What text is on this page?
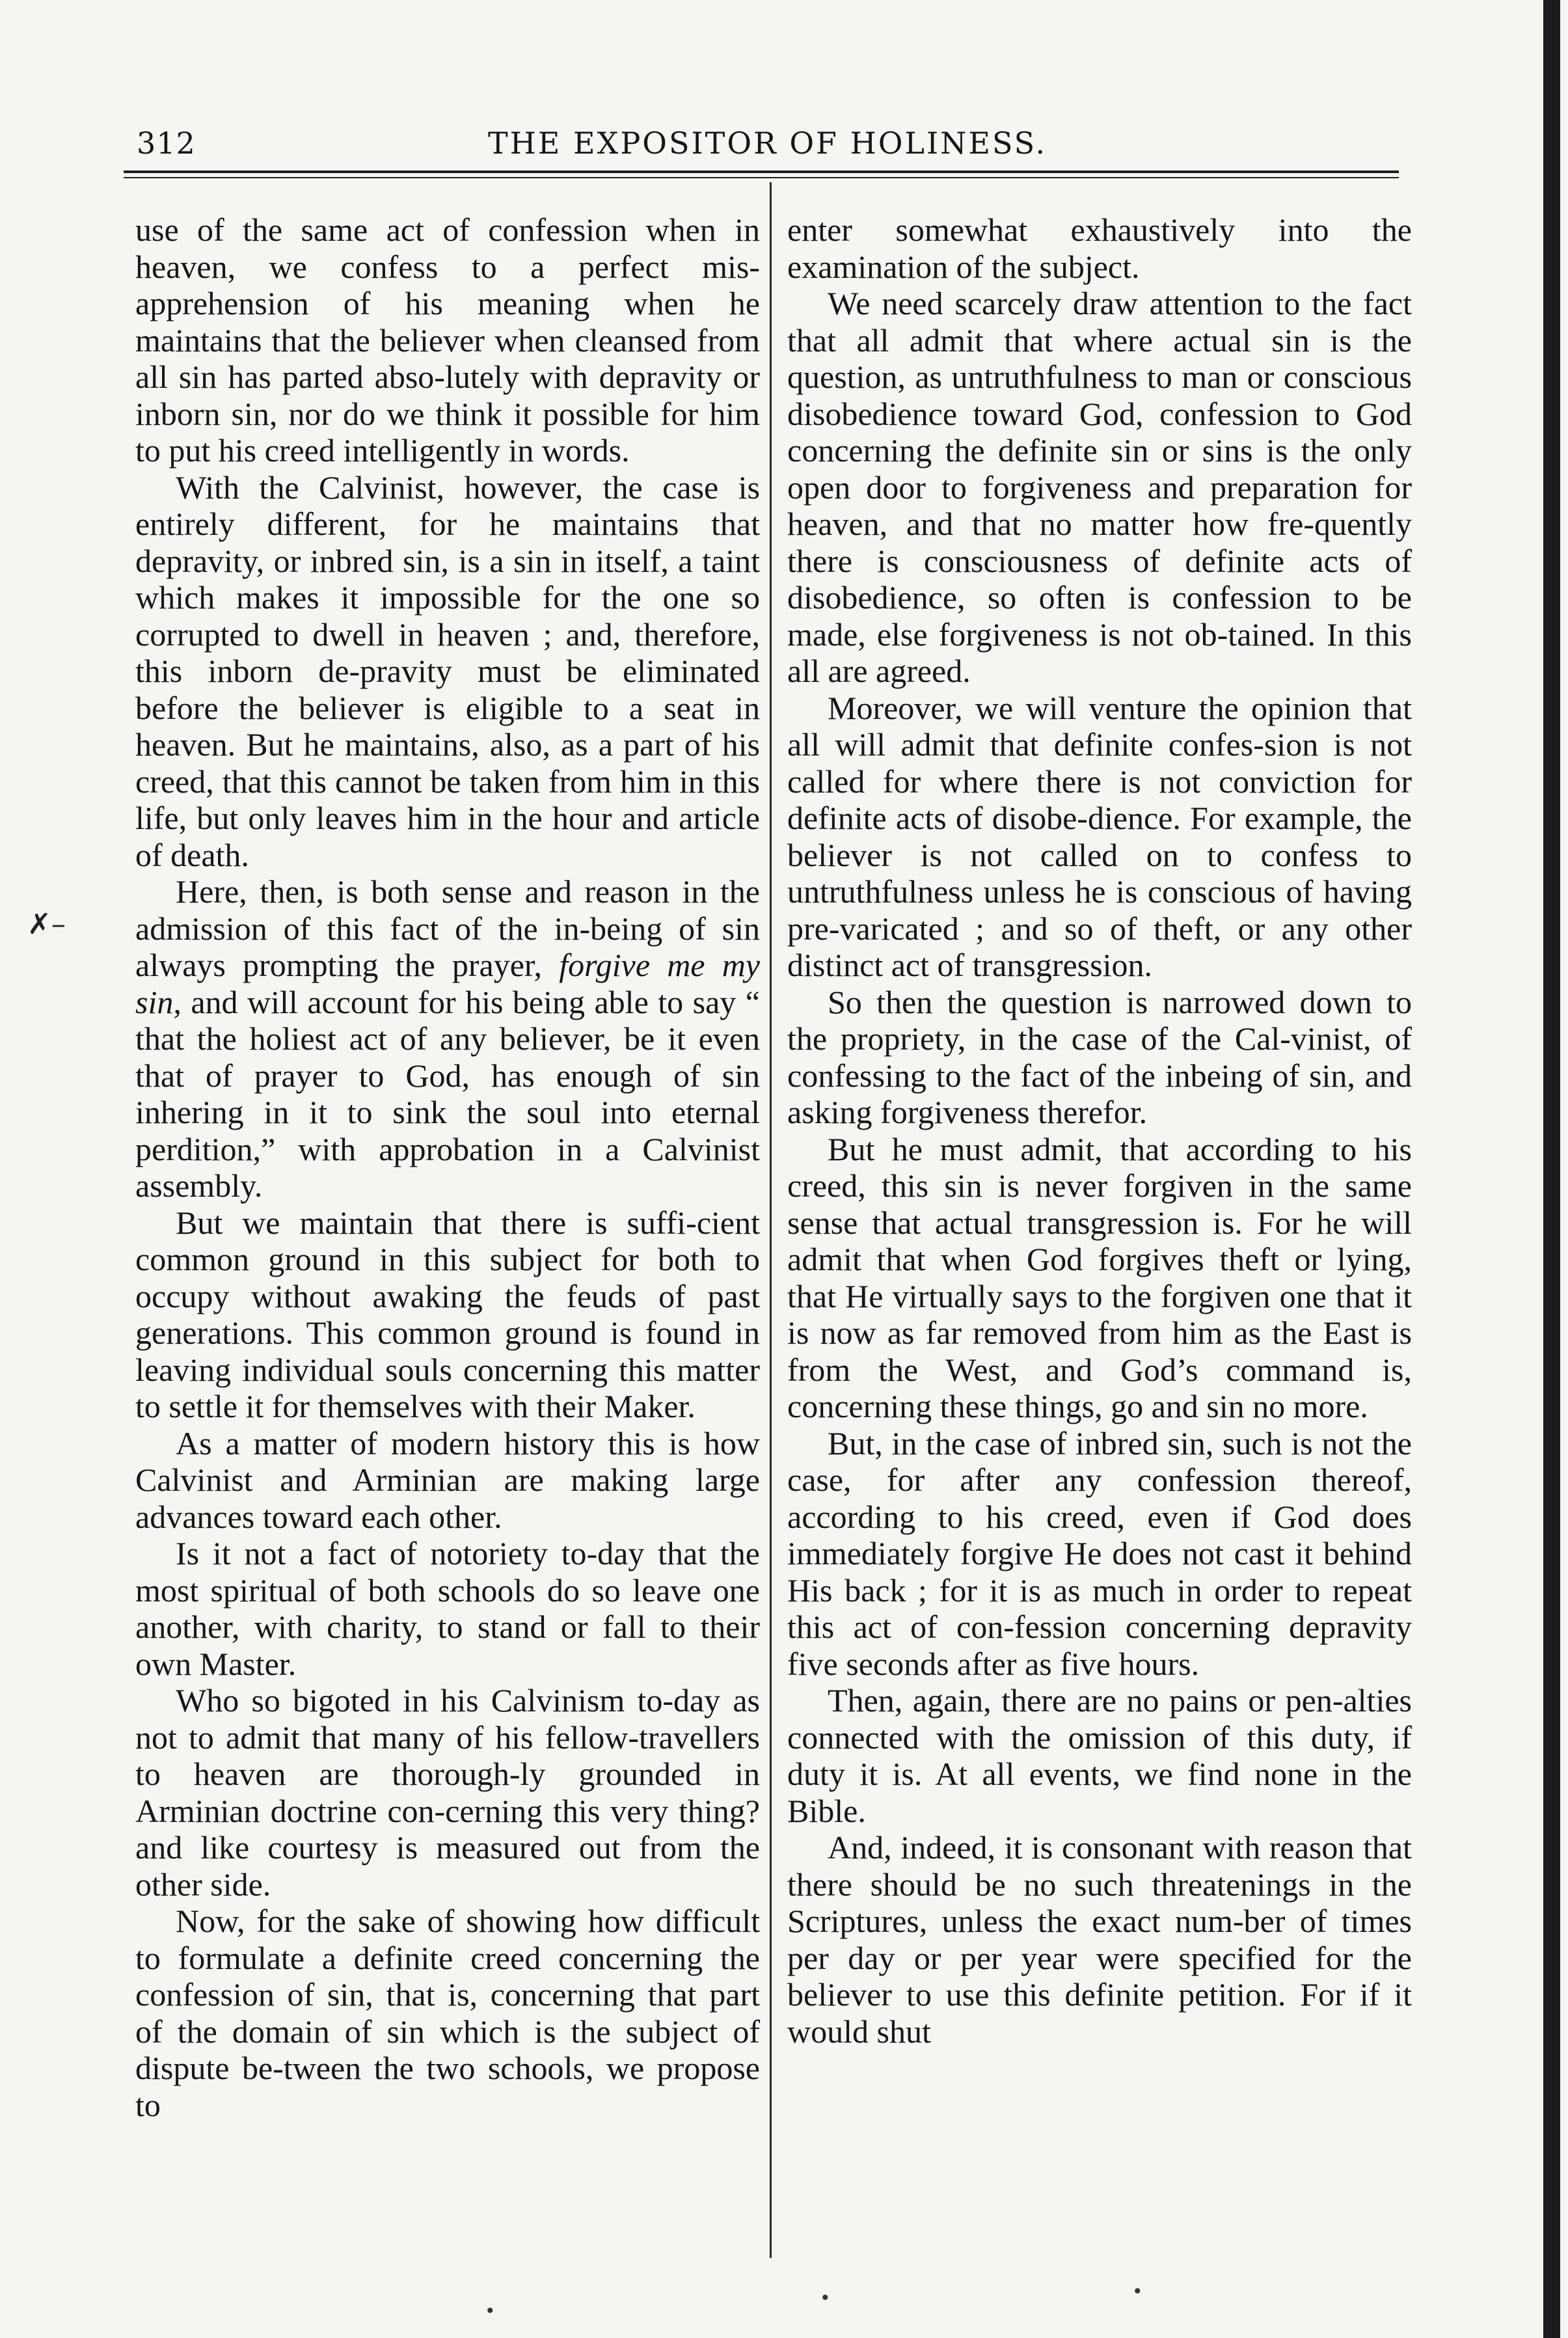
312	THE EXPOSITOR OF HOLINESS.
✗–

use of the same act of confession when in heaven, we confess to a perfect mis-apprehension of his meaning when he maintains that the believer when cleansed from all sin has parted abso-lutely with depravity or inborn sin, nor do we think it possible for him to put his creed intelligently in words.

With the Calvinist, however, the case is entirely different, for he maintains that depravity, or inbred sin, is a sin in itself, a taint which makes it impossible for the one so corrupted to dwell in heaven ; and, therefore, this inborn de-pravity must be eliminated before the believer is eligible to a seat in heaven. But he maintains, also, as a part of his creed, that this cannot be taken from him in this life, but only leaves him in the hour and article of death.

Here, then, is both sense and reason in the admission of this fact of the in-being of sin always prompting the prayer, forgive me my sin, and will account for his being able to say “ that the holiest act of any believer, be it even that of prayer to God, has enough of sin inhering in it to sink the soul into eternal perdition,” with approbation in a Calvinist assembly.

But we maintain that there is suffi-cient common ground in this subject for both to occupy without awaking the feuds of past generations. This common ground is found in leaving individual souls concerning this matter to settle it for themselves with their Maker.

As a matter of modern history this is how Calvinist and Arminian are making large advances toward each other.

Is it not a fact of notoriety to-day that the most spiritual of both schools do so leave one another, with charity, to stand or fall to their own Master.

Who so bigoted in his Calvinism to-day as not to admit that many of his fellow-travellers to heaven are thorough-ly grounded in Arminian doctrine con-cerning this very thing? and like courtesy is measured out from the other side.

Now, for the sake of showing how difficult to formulate a definite creed concerning the confession of sin, that is, concerning that part of the domain of sin which is the subject of dispute be-tween the two schools, we propose to

enter somewhat exhaustively into the examination of the subject.

We need scarcely draw attention to the fact that all admit that where actual sin is the question, as untruthfulness to man or conscious disobedience toward God, confession to God concerning the definite sin or sins is the only open door to forgiveness and preparation for heaven, and that no matter how fre-quently there is consciousness of definite acts of disobedience, so often is confession to be made, else forgiveness is not ob-tained. In this all are agreed.

Moreover, we will venture the opinion that all will admit that definite confes-sion is not called for where there is not conviction for definite acts of disobe-dience. For example, the believer is not called on to confess to untruthfulness unless he is conscious of having pre-varicated ; and so of theft, or any other distinct act of transgression.

So then the question is narrowed down to the propriety, in the case of the Cal-vinist, of confessing to the fact of the inbeing of sin, and asking forgiveness therefor.

But he must admit, that according to his creed, this sin is never forgiven in the same sense that actual transgression is. For he will admit that when God forgives theft or lying, that He virtually says to the forgiven one that it is now as far removed from him as the East is from the West, and God’s command is, concerning these things, go and sin no more.

But, in the case of inbred sin, such is not the case, for after any confession thereof, according to his creed, even if God does immediately forgive He does not cast it behind His back ; for it is as much in order to repeat this act of con-fession concerning depravity five seconds after as five hours.

Then, again, there are no pains or pen-alties connected with the omission of this duty, if duty it is. At all events, we find none in the Bible.

And, indeed, it is consonant with reason that there should be no such threatenings in the Scriptures, unless the exact num-ber of times per day or per year were specified for the believer to use this definite petition. For if it would shut

•
•
•
